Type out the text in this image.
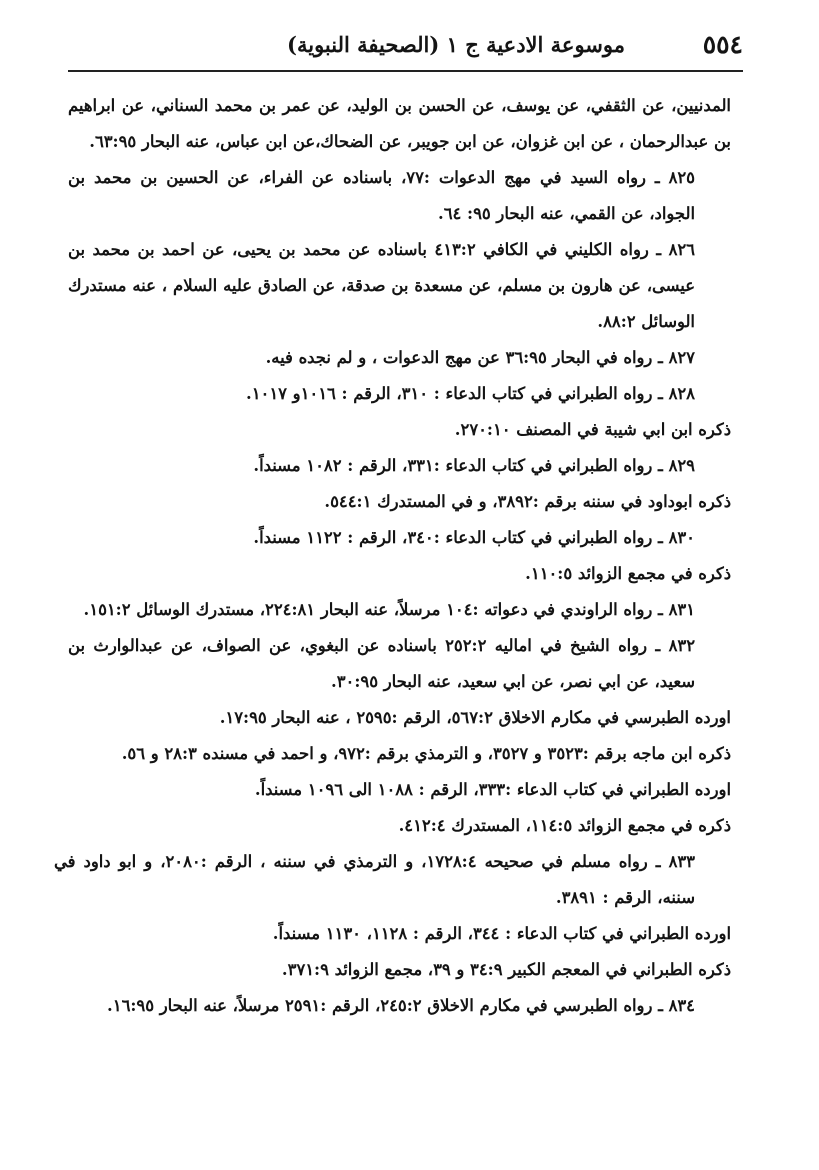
٥٥٤
موسوعة الادعية ج ١ (الصحيفة النبوية)

المدنيين، عن الثقفي، عن يوسف، عن الحسن بن الوليد، عن عمر بن محمد السناني، عن ابراهيم بن عبدالرحمان ، عن ابن غزوان، عن ابن جويبر، عن الضحاك،عن ابن عباس، عنه البحار ٦٣:٩٥.

٨٢٥ ـ رواه السيد في مهج الدعوات :٧٧، باسناده عن الفراء، عن الحسين بن محمد بن الجواد، عن القمي، عنه البحار ٩٥: ٦٤.

٨٢٦ ـ رواه الكليني في الكافي ٤١٣:٢ باسناده عن محمد بن يحيى، عن احمد بن محمد بن عيسى، عن هارون بن مسلم، عن مسعدة بن صدقة، عن الصادق عليه السلام ، عنه مستدرك الوسائل ٨٨:٢.

٨٢٧ ـ رواه في البحار ٣٦:٩٥ عن مهج الدعوات ، و لم نجده فيه.

٨٢٨ ـ رواه الطبراني في كتاب الدعاء : ٣١٠، الرقم : ١٠١٦و ١٠١٧.

ذكره ابن ابي شيبة في المصنف ٢٧٠:١٠.

٨٢٩ ـ رواه الطبراني في كتاب الدعاء :٣٣١، الرقم : ١٠٨٢ مسنداً.

ذكره ابوداود في سننه برقم :٣٨٩٢، و في المستدرك ٥٤٤:١.

٨٣٠ ـ رواه الطبراني في كتاب الدعاء :٣٤٠، الرقم : ١١٢٢ مسنداً.

ذكره في مجمع الزوائد ١١٠:٥.

٨٣١ ـ رواه الراوندي في دعواته :١٠٤ مرسلاً، عنه البحار ٢٢٤:٨١، مستدرك الوسائل ١٥١:٢.

٨٣٢ ـ رواه الشيخ في اماليه ٢٥٢:٢ باسناده عن البغوي، عن الصواف، عن عبدالوارث بن سعيد، عن ابي نصر، عن ابي سعيد، عنه البحار ٣٠:٩٥.

اورده الطبرسي في مكارم الاخلاق ٥٦٧:٢، الرقم :٢٥٩٥ ، عنه البحار ١٧:٩٥.

ذكره ابن ماجه برقم :٣٥٢٣ و ٣٥٢٧، و الترمذي برقم :٩٧٢، و احمد في مسنده ٢٨:٣ و ٥٦.

اورده الطبراني في كتاب الدعاء :٣٣٣، الرقم : ١٠٨٨ الى ١٠٩٦ مسنداً.

ذكره في مجمع الزوائد ١١٤:٥، المستدرك ٤١٢:٤.

٨٣٣ ـ رواه مسلم في صحيحه ١٧٢٨:٤، و الترمذي في سننه ، الرقم :٢٠٨٠، و ابو داود في سننه، الرقم : ٣٨٩١.

اورده الطبراني في كتاب الدعاء : ٣٤٤، الرقم : ١١٢٨، ١١٣٠ مسنداً.

ذكره الطبراني في المعجم الكبير ٣٤:٩ و ٣٩، مجمع الزوائد ٣٧١:٩.

٨٣٤ ـ رواه الطبرسي في مكارم الاخلاق ٢٤٥:٢، الرقم :٢٥٩١ مرسلاً، عنه البحار ١٦:٩٥.
